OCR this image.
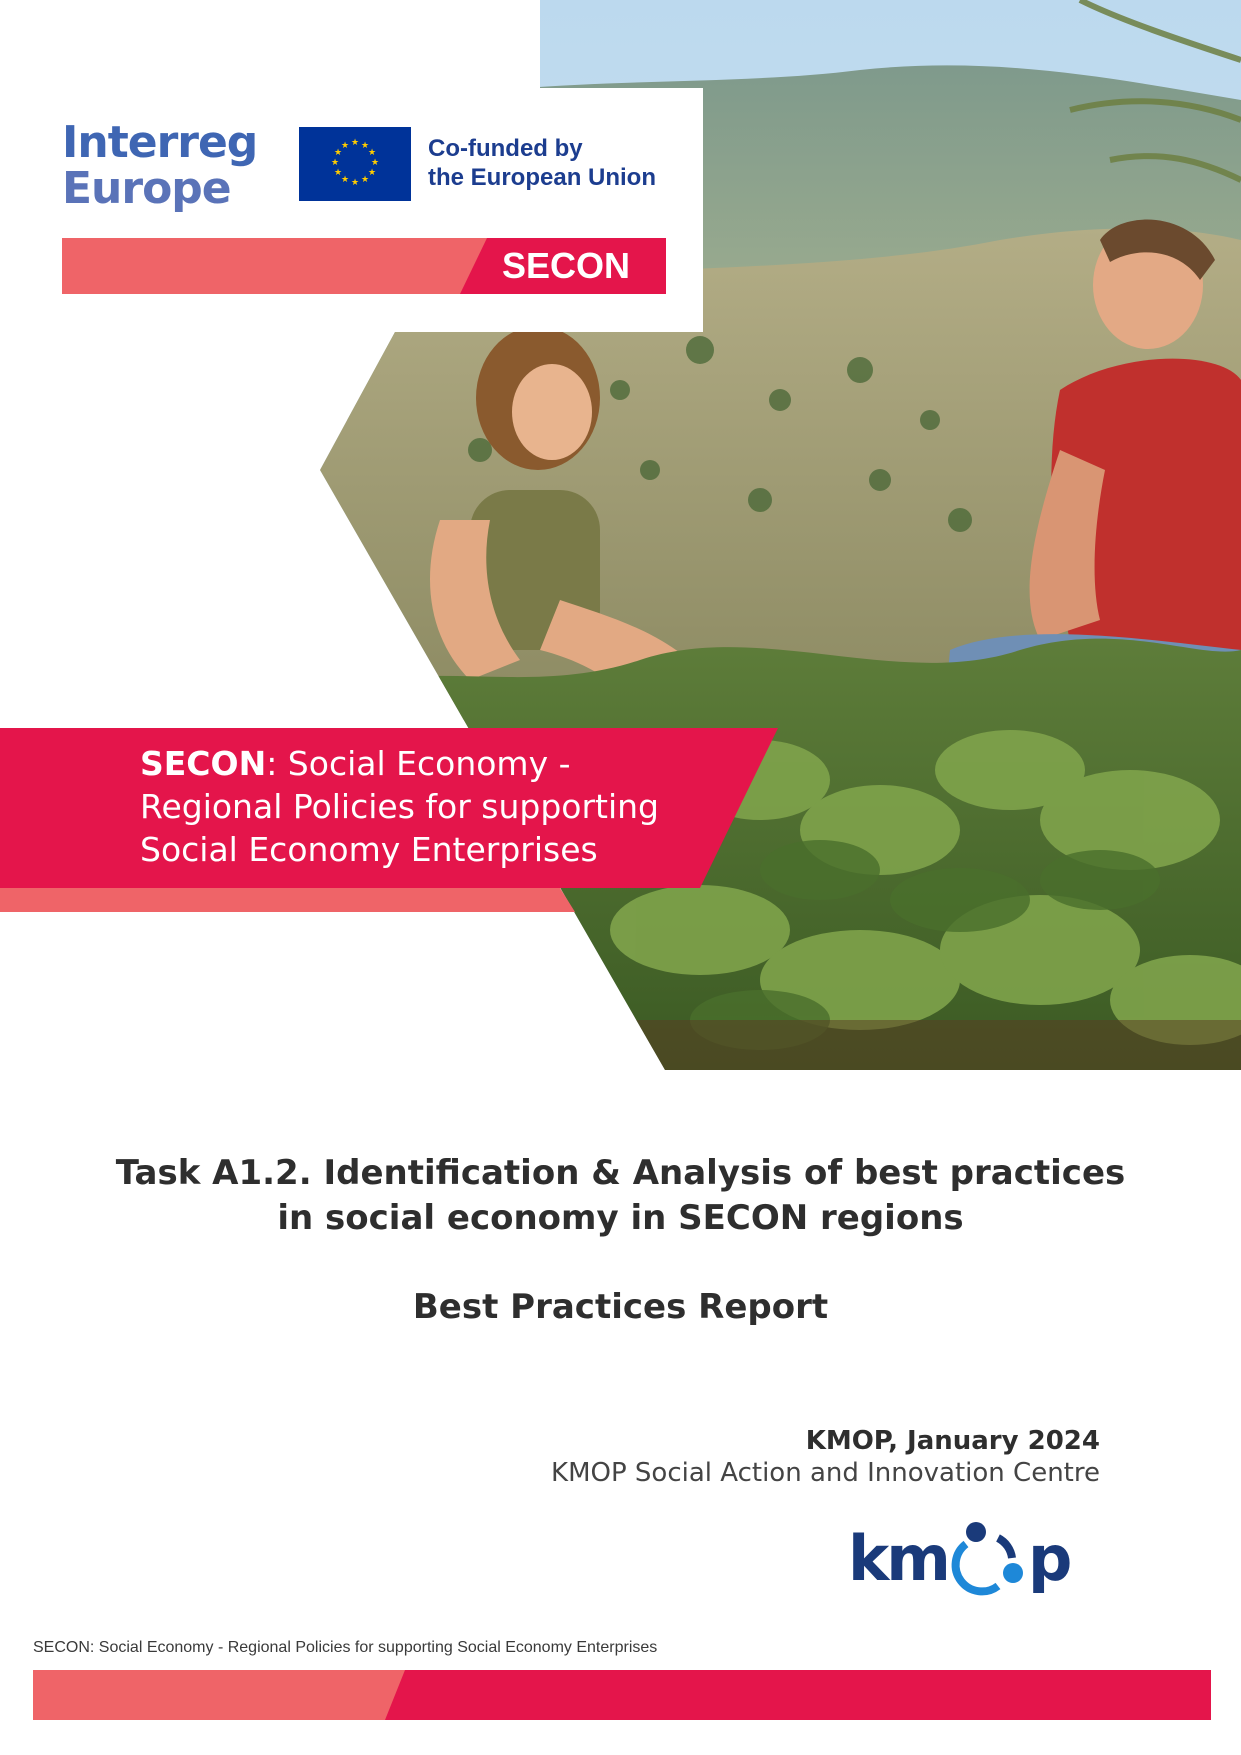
Interreg
Europe
★ ★
★
★
★
★
★
★
★
★
★
★	Co-funded by
the European Union
SECON
SECON: Social Economy -
Regional Policies for supporting
Social Economy Enterprises
Task A1.2. Identification & Analysis of best practices
in social economy in SECON regions
Best Practices Report
KMOP, January 2024
KMOP Social Action and Innovation Centre
km p
SECON: Social Economy - Regional Policies for supporting Social Economy Enterprises
